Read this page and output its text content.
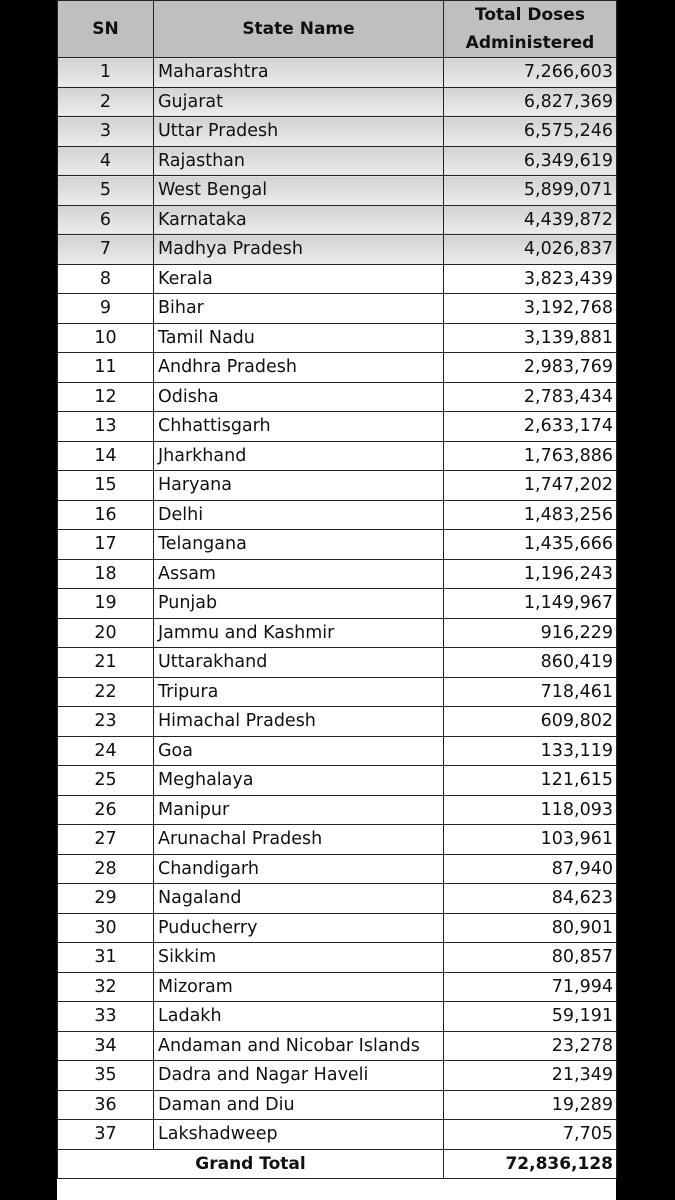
SN	State Name	Total Doses
Administered
1	Maharashtra	7,266,603
2	Gujarat	6,827,369
3	Uttar Pradesh	6,575,246
4	Rajasthan	6,349,619
5	West Bengal	5,899,071
6	Karnataka	4,439,872
7	Madhya Pradesh	4,026,837
8	Kerala	3,823,439
9	Bihar	3,192,768
10	Tamil Nadu	3,139,881
11	Andhra Pradesh	2,983,769
12	Odisha	2,783,434
13	Chhattisgarh	2,633,174
14	Jharkhand	1,763,886
15	Haryana	1,747,202
16	Delhi	1,483,256
17	Telangana	1,435,666
18	Assam	1,196,243
19	Punjab	1,149,967
20	Jammu and Kashmir	916,229
21	Uttarakhand	860,419
22	Tripura	718,461
23	Himachal Pradesh	609,802
24	Goa	133,119
25	Meghalaya	121,615
26	Manipur	118,093
27	Arunachal Pradesh	103,961
28	Chandigarh	87,940
29	Nagaland	84,623
30	Puducherry	80,901
31	Sikkim	80,857
32	Mizoram	71,994
33	Ladakh	59,191
34	Andaman and Nicobar Islands	23,278
35	Dadra and Nagar Haveli	21,349
36	Daman and Diu	19,289
37	Lakshadweep	7,705
Grand Total		72,836,128
